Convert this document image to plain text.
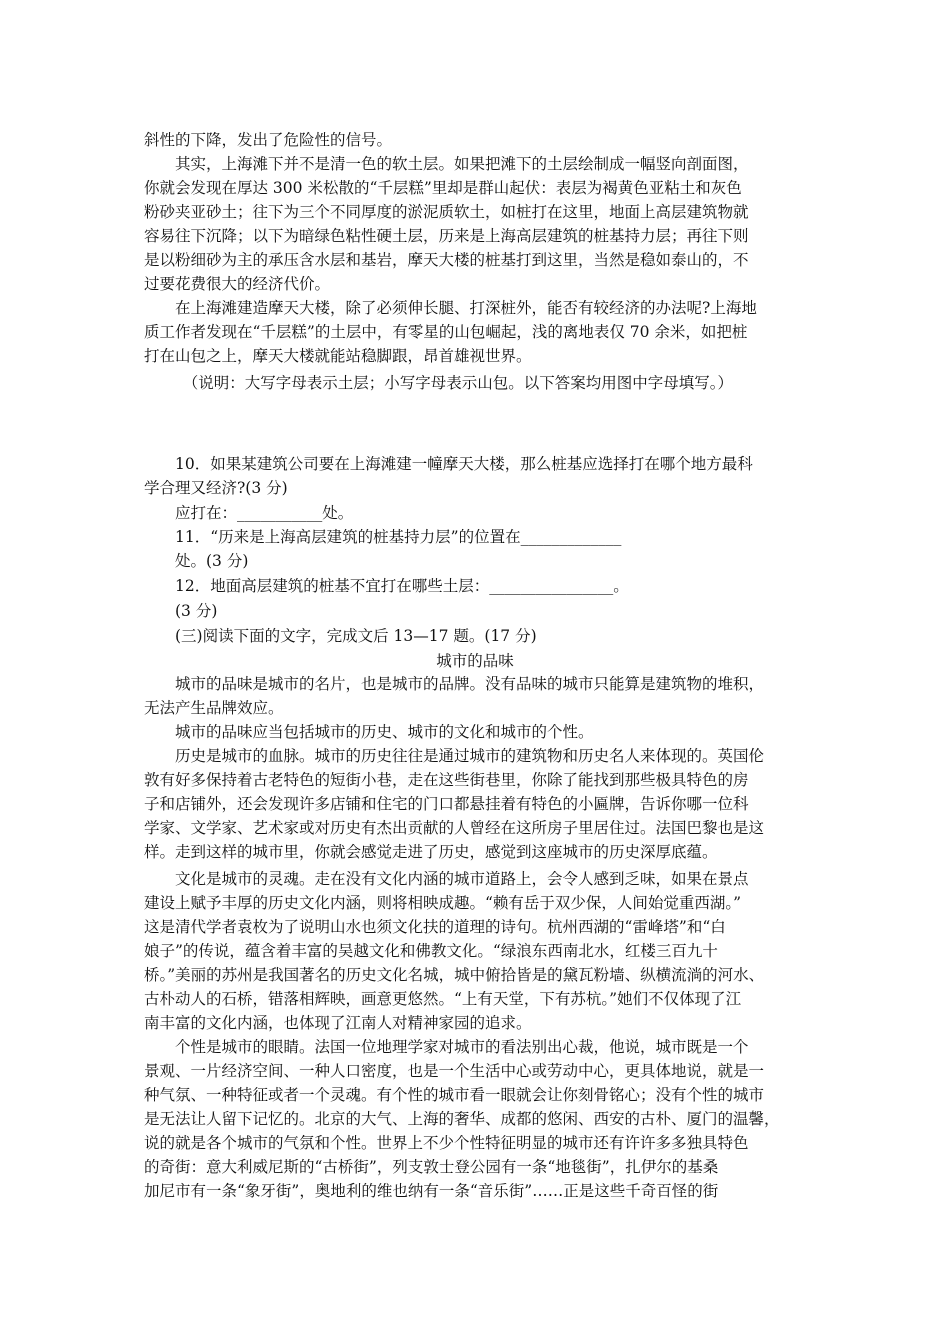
斜性的下降，发出了危险性的信号。
　　其实，上海滩下并不是清一色的软土层。如果把滩下的土层绘制成一幅竖向剖面图，
你就会发现在厚达 300 米松散的“千层糕”里却是群山起伏：表层为褐黄色亚粘土和灰色
粉砂夹亚砂土；往下为三个不同厚度的淤泥质软土，如桩打在这里，地面上高层建筑物就
容易往下沉降；以下为暗绿色粘性硬土层，历来是上海高层建筑的桩基持力层；再往下则
是以粉细砂为主的承压含水层和基岩，摩天大楼的桩基打到这里，当然是稳如泰山的，不
过要花费很大的经济代价。
　　在上海滩建造摩天大楼，除了必须伸长腿、打深桩外，能否有较经济的办法呢?上海地
质工作者发现在“千层糕”的土层中，有零星的山包崛起，浅的离地表仅 70 余米，如把桩
打在山包之上，摩天大楼就能站稳脚跟，昂首雄视世界。
　　　（说明：大写字母表示土层；小写字母表示山包。以下答案均用图中字母填写。）
　　10．如果某建筑公司要在上海滩建一幢摩天大楼，那么桩基应选择打在哪个地方最科
学合理又经济?(3 分)
　　应打在：___________处。
　　11．“历来是上海高层建筑的桩基持力层”的位置在_____________
　　处。(3 分)
　　12．地面高层建筑的桩基不宜打在哪些土层：________________。
　　(3 分)
　　(三)阅读下面的文字，完成文后 13—17 题。(17 分)
城市的品味
　　城市的品味是城市的名片，也是城市的品牌。没有品味的城市只能算是建筑物的堆积，
无法产生品牌效应。
　　城市的品味应当包括城市的历史、城市的文化和城市的个性。
　　历史是城市的血脉。城市的历史往往是通过城市的建筑物和历史名人来体现的。英国伦
敦有好多保持着古老特色的短街小巷，走在这些街巷里，你除了能找到那些极具特色的房
子和店铺外，还会发现许多店铺和住宅的门口都悬挂着有特色的小匾牌，告诉你哪一位科
学家、文学家、艺术家或对历史有杰出贡献的人曾经在这所房子里居住过。法国巴黎也是这
样。走到这样的城市里，你就会感觉走进了历史，感觉到这座城市的历史深厚底蕴。
　　文化是城市的灵魂。走在没有文化内涵的城市道路上，会令人感到乏味，如果在景点
建设上赋予丰厚的历史文化内涵，则将相映成趣。“赖有岳于双少保，人间始觉重西湖。”
这是清代学者袁枚为了说明山水也须文化扶的道理的诗句。杭州西湖的“雷峰塔”和“白
娘子”的传说，蕴含着丰富的吴越文化和佛教文化。“绿浪东西南北水，红楼三百九十
桥。”美丽的苏州是我国著名的历史文化名城，城中俯拾皆是的黛瓦粉墙、纵横流淌的河水、
古朴动人的石桥，错落相辉映，画意更悠然。“上有天堂，下有苏杭。”她们不仅体现了江
南丰富的文化内涵，也体现了江南人对精神家园的追求。
　　个性是城市的眼睛。法国一位地理学家对城市的看法别出心裁，他说，城市既是一个
景观、一片经济空间、一种人口密度，也是一个生活中心或劳动中心，更具体地说，就是一
种气氛、一种特征或者一个灵魂。有个性的城市看一眼就会让你刻骨铭心；没有个性的城市
是无法让人留下记忆的。北京的大气、上海的奢华、成都的悠闲、西安的古朴、厦门的温馨，
说的就是各个城市的气氛和个性。世界上不少个性特征明显的城市还有许许多多独具特色
的奇街：意大利威尼斯的“古桥街”，列支敦士登公园有一条“地毯街”，扎伊尔的基桑
加尼市有一条“象牙街”，奥地利的维也纳有一条“音乐街”……正是这些千奇百怪的街
